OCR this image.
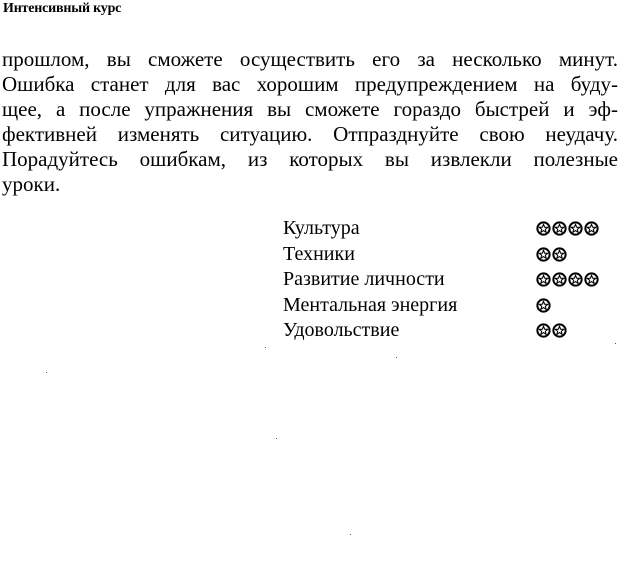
Интенсивный курс
прошлом, вы сможете осуществить его за несколько минут.
Ошибка станет для вас хорошим предупреждением на буду-
щее, а после упражнения вы сможете гораздо быстрей и эф-
фективней изменять ситуацию. Отпразднуйте свою неудачу.
Порадуйтесь ошибкам, из которых вы извлекли полезные
уроки.
Культура
Техники
Развитие личности
Ментальная энергия
Удовольствие
